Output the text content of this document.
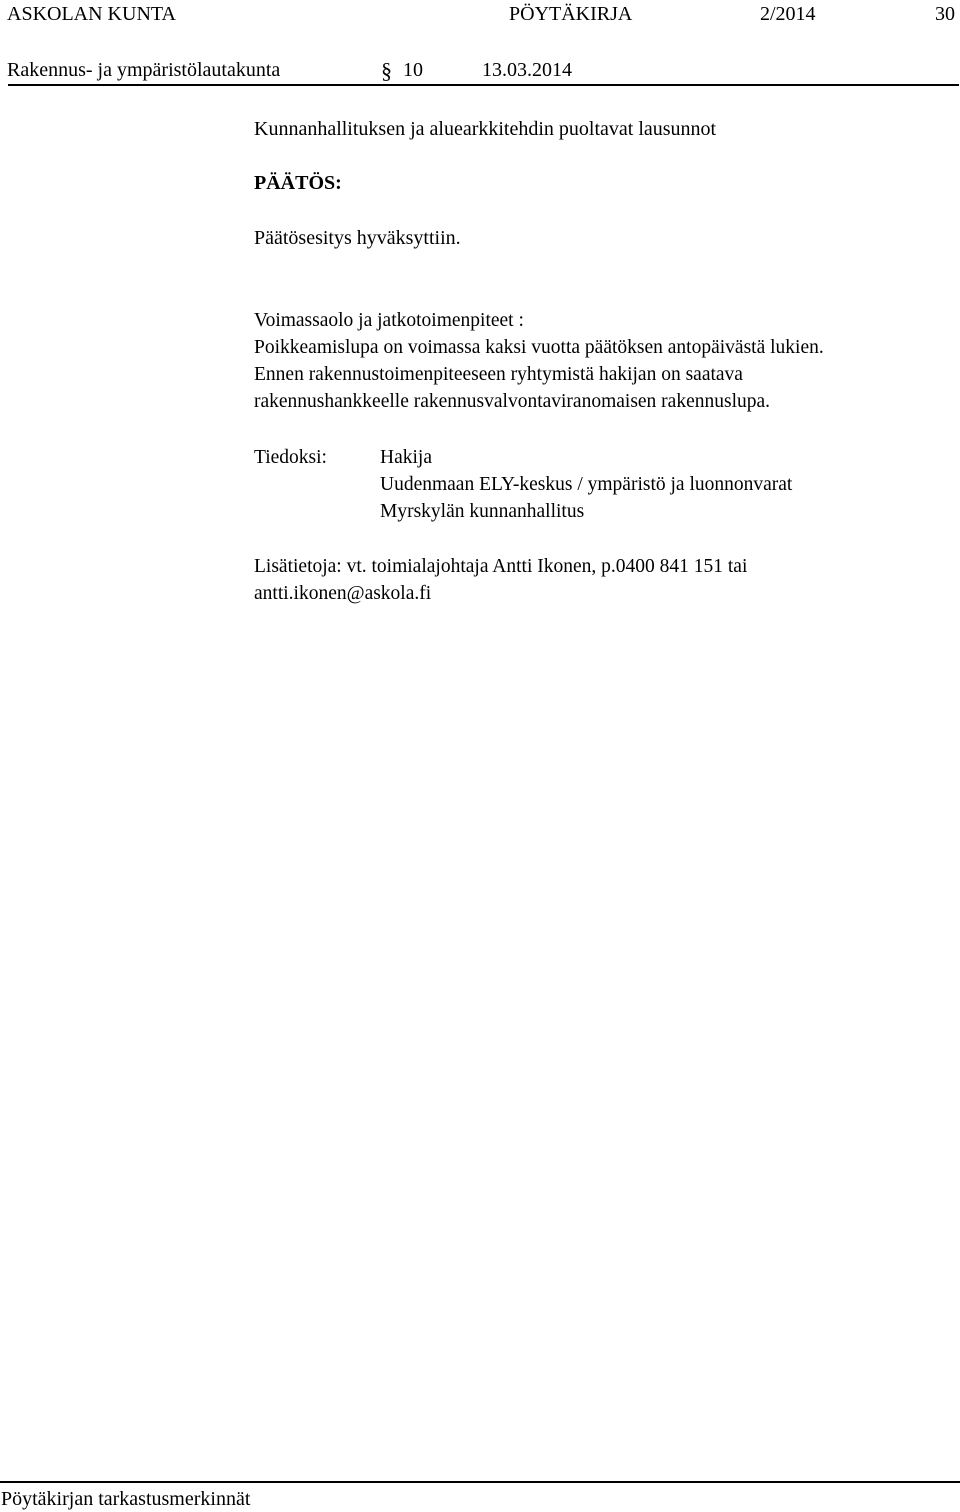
ASKOLAN KUNTA	PÖYTÄKIRJA	2/2014	30
Rakennus- ja ympäristölautakunta	§ 10	13.03.2014
Kunnanhallituksen ja aluearkkitehdin puoltavat lausunnot
PÄÄTÖS:
Päätösesitys hyväksyttiin.
Voimassaolo ja jatkotoimenpiteet :
Poikkeamislupa on voimassa kaksi vuotta päätöksen antopäivästä lukien.
Ennen rakennustoimenpiteeseen ryhtymistä hakijan on saatava
rakennushankkeelle rakennusvalvontaviranomaisen rakennuslupa.
Tiedoksi:	Hakija
Uudenmaan ELY-keskus / ympäristö ja luonnonvarat
Myrskylän kunnanhallitus
Lisätietoja: vt. toimialajohtaja Antti Ikonen, p.0400 841 151 tai
antti.ikonen@askola.fi
Pöytäkirjan tarkastusmerkinnät
